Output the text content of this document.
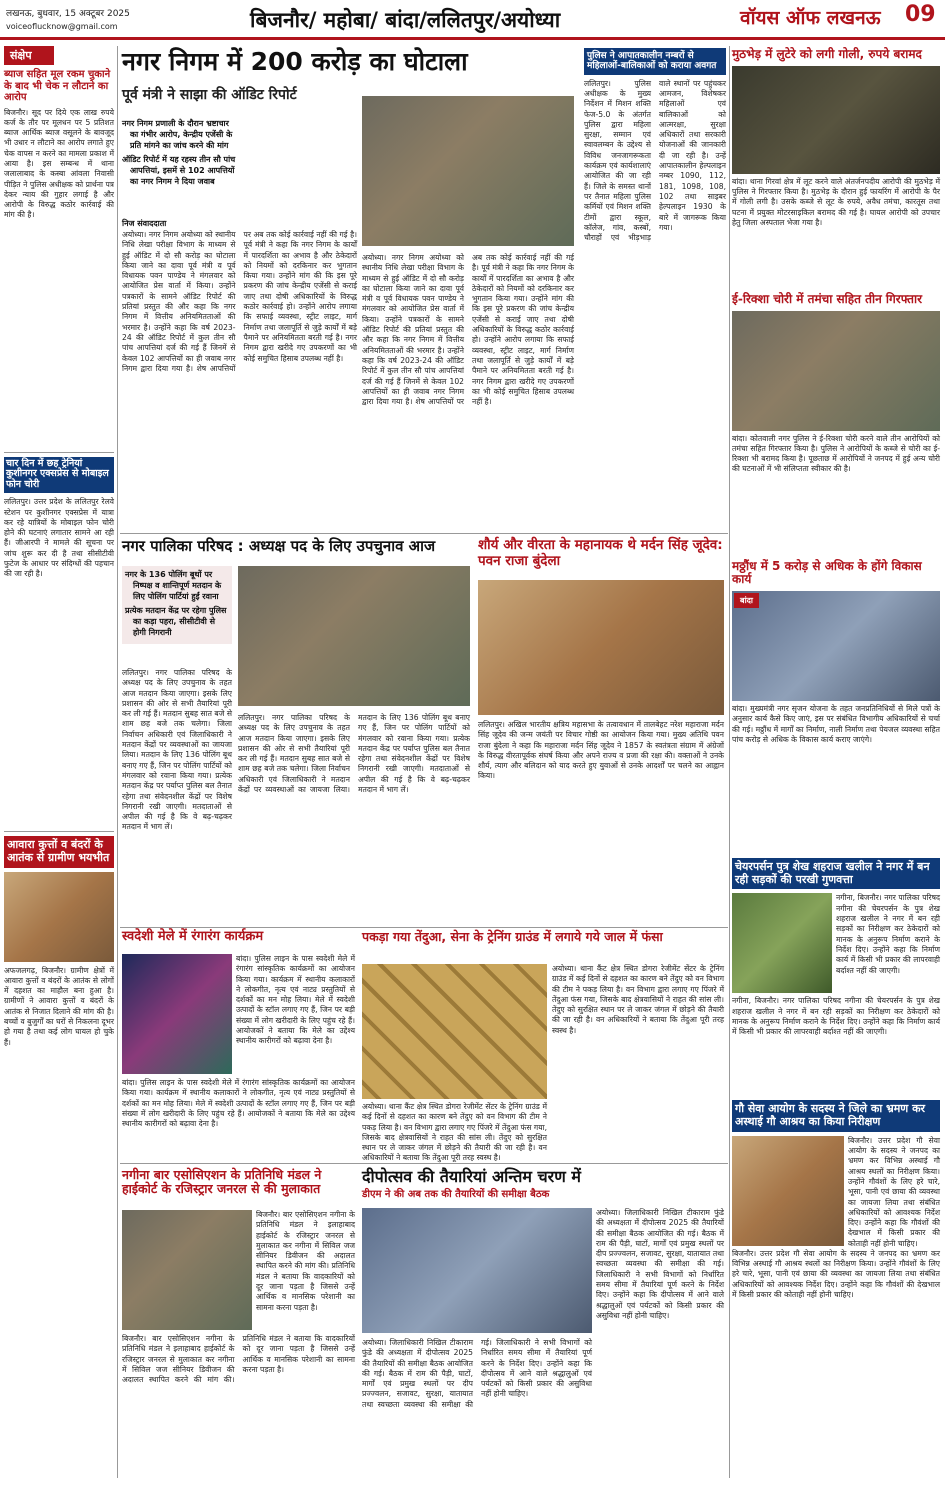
लखनऊ, बुधवार, 15 अक्टूबर 2025
voiceoflucknow@gmail.com	बिजनौर/ महोबा/ बांदा/ललितपुर/अयोध्या	वॉयस ऑफ लखनऊ 09
संक्षेप
ब्याज सहित मूल रकम चुकाने के बाद भी चेक न लौटाने का आरोप
बिजनौर। सूद पर दिये एक लाख रुपये कर्ज के तौर पर मूलधन पर 5 प्रतिशत ब्याज आर्थिक ब्याज वसूलने के बावजूद भी उधार न लौटाने का आरोप लगाते हुए चेक वापस न करने का मामला प्रकाश में आया है। इस सम्बन्ध में थाना जलालाबाद के कस्बा आंवला निवासी पीड़ित ने पुलिस अधीक्षक को प्रार्थना पत्र देकर न्याय की गुहार लगाई है और आरोपी के विरुद्ध कठोर कार्रवाई की मांग की है।
चार दिन में छह ट्रेनियां कुशीनगर एक्सप्रेस से मोबाइल फोन चोरी
ललितपुर। उत्तर प्रदेश के ललितपुर रेलवे स्टेशन पर कुशीनगर एक्सप्रेस में यात्रा कर रहे यात्रियों के मोबाइल फोन चोरी होने की घटनाएं लगातार सामने आ रही हैं। जीआरपी ने मामले की सूचना पर जांच शुरू कर दी है तथा सीसीटीवी फुटेज के आधार पर संदिग्धों की पहचान की जा रही है।
आवारा कुत्तों व बंदरों के आतंक से ग्रामीण भयभीत
अफजलगढ़, बिजनौर। ग्रामीण क्षेत्रों में आवारा कुत्तों व बंदरों के आतंक से लोगों में दहशत का माहौल बना हुआ है। ग्रामीणों ने आवारा कुत्तों व बंदरों के आतंक से निजात दिलाने की मांग की है। बच्चों व बुजुर्गों का घरों से निकलना दूभर हो गया है तथा कई लोग घायल हो चुके हैं।
नगर निगम में 200 करोड़ का घोटाला
पूर्व मंत्री ने साझा की ऑडिट रिपोर्ट
नगर निगम प्रणाली के दौरान भ्रष्टाचार का गंभीर आरोप, केन्द्रीय एजेंसी के प्रति मांगने का जांच करने की मांग
ऑडिट रिपोर्ट में यह रहस्य तीन सौ पांच आपत्तियां, इसमें से 102 आपत्तियों का नगर निगम ने दिया जवाब
निज संवाददाता
अयोध्या। नगर निगम अयोध्या को स्थानीय निधि लेखा परीक्षा विभाग के माध्यम से हुई ऑडिट में दो सौ करोड़ का घोटाला किया जाने का दावा पूर्व मंत्री व पूर्व विधायक पवन पाण्डेय ने मंगलवार को आयोजित प्रेस वार्ता में किया। उन्होंने पत्रकारों के सामने ऑडिट रिपोर्ट की प्रतियां प्रस्तुत की और कहा कि नगर निगम में वित्तीय अनियमितताओं की भरमार है। उन्होंने कहा कि वर्ष 2023-24 की ऑडिट रिपोर्ट में कुल तीन सौ पांच आपत्तियां दर्ज की गई हैं जिनमें से केवल 102 आपत्तियों का ही जवाब नगर निगम द्वारा दिया गया है। शेष आपत्तियों पर अब तक कोई कार्रवाई नहीं की गई है। पूर्व मंत्री ने कहा कि नगर निगम के कार्यों में पारदर्शिता का अभाव है और ठेकेदारों को नियमों को दरकिनार कर भुगतान किया गया। उन्होंने मांग की कि इस पूरे प्रकरण की जांच केन्द्रीय एजेंसी से कराई जाए तथा दोषी अधिकारियों के विरुद्ध कठोर कार्रवाई हो। उन्होंने आरोप लगाया कि सफाई व्यवस्था, स्ट्रीट लाइट, मार्ग निर्माण तथा जलापूर्ति से जुड़े कार्यों में बड़े पैमाने पर अनियमितता बरती गई है। नगर निगम द्वारा खरीदे गए उपकरणों का भी कोई समुचित हिसाब उपलब्ध नहीं है।
अयोध्या। नगर निगम अयोध्या को स्थानीय निधि लेखा परीक्षा विभाग के माध्यम से हुई ऑडिट में दो सौ करोड़ का घोटाला किया जाने का दावा पूर्व मंत्री व पूर्व विधायक पवन पाण्डेय ने मंगलवार को आयोजित प्रेस वार्ता में किया। उन्होंने पत्रकारों के सामने ऑडिट रिपोर्ट की प्रतियां प्रस्तुत की और कहा कि नगर निगम में वित्तीय अनियमितताओं की भरमार है। उन्होंने कहा कि वर्ष 2023-24 की ऑडिट रिपोर्ट में कुल तीन सौ पांच आपत्तियां दर्ज की गई हैं जिनमें से केवल 102 आपत्तियों का ही जवाब नगर निगम द्वारा दिया गया है। शेष आपत्तियों पर अब तक कोई कार्रवाई नहीं की गई है। पूर्व मंत्री ने कहा कि नगर निगम के कार्यों में पारदर्शिता का अभाव है और ठेकेदारों को नियमों को दरकिनार कर भुगतान किया गया। उन्होंने मांग की कि इस पूरे प्रकरण की जांच केन्द्रीय एजेंसी से कराई जाए तथा दोषी अधिकारियों के विरुद्ध कठोर कार्रवाई हो। उन्होंने आरोप लगाया कि सफाई व्यवस्था, स्ट्रीट लाइट, मार्ग निर्माण तथा जलापूर्ति से जुड़े कार्यों में बड़े पैमाने पर अनियमितता बरती गई है। नगर निगम द्वारा खरीदे गए उपकरणों का भी कोई समुचित हिसाब उपलब्ध नहीं है।
पुलिस ने आपातकालीन नम्बरों से महिलाओं-बालिकाओं को कराया अवगत
ललितपुर। पुलिस अधीक्षक के मुख्य निर्देशन में मिशन शक्ति फेज-5.0 के अंतर्गत पुलिस द्वारा महिला सुरक्षा, सम्मान एवं स्वावलम्बन के उद्देश्य से विविध जनजागरूकता कार्यक्रम एवं कार्यशालाएं आयोजित की जा रही हैं। जिले के समस्त थानों पर तैनात महिला पुलिस कर्मियों एवं मिशन शक्ति टीमों द्वारा स्कूल, कॉलेज, गांव, कस्बों, चौराहों एवं भीड़भाड़ वाले स्थानों पर पहुंचकर आमजन, विशेषकर महिलाओं एवं बालिकाओं को आत्मरक्षा, सुरक्षा अधिकारों तथा सरकारी योजनाओं की जानकारी दी जा रही है। उन्हें आपातकालीन हेल्पलाइन नम्बर 1090, 112, 181, 1098, 108, 102 तथा साइबर हेल्पलाइन 1930 के बारे में जागरूक किया गया।
मुठभेड़ में लुटेरे को लगी गोली, रुपये बरामद
बांदा। थाना गिरवां क्षेत्र में लूट करने वाले अंतर्जनपदीय आरोपी की मुठभेड़ में पुलिस ने गिरफ्तार किया है। मुठभेड़ के दौरान हुई फायरिंग में आरोपी के पैर में गोली लगी है। उसके कब्जे से लूट के रुपये, अवैध तमंचा, कारतूस तथा घटना में प्रयुक्त मोटरसाइकिल बरामद की गई है। घायल आरोपी को उपचार हेतु जिला अस्पताल भेजा गया है।
ई-रिक्शा चोरी में तमंचा सहित तीन गिरफ्तार
बांदा। कोतवाली नगर पुलिस ने ई-रिक्शा चोरी करने वाले तीन आरोपियों को तमंचा सहित गिरफ्तार किया है। पुलिस ने आरोपियों के कब्जे से चोरी का ई-रिक्शा भी बरामद किया है। पूछताछ में आरोपियों ने जनपद में हुई अन्य चोरी की घटनाओं में भी संलिप्तता स्वीकार की है।
मठ्ठौंध में 5 करोड़ से अधिक के होंगे विकास कार्य
बांदा
बांदा। मुख्यमंत्री नगर सृजन योजना के तहत जनप्रतिनिधियों से मिले पत्रों के अनुसार कार्य कैसे किए जाएं, इस पर संबंधित विभागीय अधिकारियों से चर्चा की गई। मठ्ठौंध में मार्गों का निर्माण, नाली निर्माण तथा पेयजल व्यवस्था सहित पांच करोड़ से अधिक के विकास कार्य कराए जाएंगे।
चेयरपर्सन पुत्र शेख शहराज खलील ने नगर में बन रही सड़कों की परखी गुणवत्ता
नगीना, बिजनौर। नगर पालिका परिषद नगीना की चेयरपर्सन के पुत्र शेख शहराज खलील ने नगर में बन रही सड़कों का निरीक्षण कर ठेकेदारों को मानक के अनुरूप निर्माण कराने के निर्देश दिए। उन्होंने कहा कि निर्माण कार्य में किसी भी प्रकार की लापरवाही बर्दाश्त नहीं की जाएगी।
नगीना, बिजनौर। नगर पालिका परिषद नगीना की चेयरपर्सन के पुत्र शेख शहराज खलील ने नगर में बन रही सड़कों का निरीक्षण कर ठेकेदारों को मानक के अनुरूप निर्माण कराने के निर्देश दिए। उन्होंने कहा कि निर्माण कार्य में किसी भी प्रकार की लापरवाही बर्दाश्त नहीं की जाएगी।
गौ सेवा आयोग के सदस्य ने जिले का भ्रमण कर अस्थाई गौ आश्रय का किया निरीक्षण
बिजनौर। उत्तर प्रदेश गौ सेवा आयोग के सदस्य ने जनपद का भ्रमण कर विभिन्न अस्थाई गौ आश्रय स्थलों का निरीक्षण किया। उन्होंने गौवंशों के लिए हरे चारे, भूसा, पानी एवं छाया की व्यवस्था का जायजा लिया तथा संबंधित अधिकारियों को आवश्यक निर्देश दिए। उन्होंने कहा कि गौवंशों की देखभाल में किसी प्रकार की कोताही नहीं होनी चाहिए।
बिजनौर। उत्तर प्रदेश गौ सेवा आयोग के सदस्य ने जनपद का भ्रमण कर विभिन्न अस्थाई गौ आश्रय स्थलों का निरीक्षण किया। उन्होंने गौवंशों के लिए हरे चारे, भूसा, पानी एवं छाया की व्यवस्था का जायजा लिया तथा संबंधित अधिकारियों को आवश्यक निर्देश दिए। उन्होंने कहा कि गौवंशों की देखभाल में किसी प्रकार की कोताही नहीं होनी चाहिए।
नगर पालिका परिषद : अध्यक्ष पद के लिए उपचुनाव आज
नगर के 136 पोलिंग बूथों पर निष्पक्ष व शान्तिपूर्ण मतदान के लिए पोलिंग पार्टियां हुईं रवाना
प्रत्येक मतदान केंद्र पर रहेगा पुलिस का कड़ा पहरा, सीसीटीवी से होगी निगरानी
ललितपुर। नगर पालिका परिषद के अध्यक्ष पद के लिए उपचुनाव के तहत आज मतदान किया जाएगा। इसके लिए प्रशासन की ओर से सभी तैयारियां पूरी कर ली गई हैं। मतदान सुबह सात बजे से शाम छह बजे तक चलेगा। जिला निर्वाचन अधिकारी एवं जिलाधिकारी ने मतदान केंद्रों पर व्यवस्थाओं का जायजा लिया। मतदान के लिए 136 पोलिंग बूथ बनाए गए हैं, जिन पर पोलिंग पार्टियों को मंगलवार को रवाना किया गया। प्रत्येक मतदान केंद्र पर पर्याप्त पुलिस बल तैनात रहेगा तथा संवेदनशील केंद्रों पर विशेष निगरानी रखी जाएगी। मतदाताओं से अपील की गई है कि वे बढ़-चढ़कर मतदान में भाग लें।
ललितपुर। नगर पालिका परिषद के अध्यक्ष पद के लिए उपचुनाव के तहत आज मतदान किया जाएगा। इसके लिए प्रशासन की ओर से सभी तैयारियां पूरी कर ली गई हैं। मतदान सुबह सात बजे से शाम छह बजे तक चलेगा। जिला निर्वाचन अधिकारी एवं जिलाधिकारी ने मतदान केंद्रों पर व्यवस्थाओं का जायजा लिया। मतदान के लिए 136 पोलिंग बूथ बनाए गए हैं, जिन पर पोलिंग पार्टियों को मंगलवार को रवाना किया गया। प्रत्येक मतदान केंद्र पर पर्याप्त पुलिस बल तैनात रहेगा तथा संवेदनशील केंद्रों पर विशेष निगरानी रखी जाएगी। मतदाताओं से अपील की गई है कि वे बढ़-चढ़कर मतदान में भाग लें।
शौर्य और वीरता के महानायक थे मर्दन सिंह जूदेव: पवन राजा बुंदेला
ललितपुर। अखिल भारतीय क्षत्रिय महासभा के तत्वावधान में तालबेहट नरेश महाराजा मर्दन सिंह जूदेव की जन्म जयंती पर विचार गोष्ठी का आयोजन किया गया। मुख्य अतिथि पवन राजा बुंदेला ने कहा कि महाराजा मर्दन सिंह जूदेव ने 1857 के स्वतंत्रता संग्राम में अंग्रेजों के विरुद्ध वीरतापूर्वक संघर्ष किया और अपने राज्य व प्रजा की रक्षा की। वक्ताओं ने उनके शौर्य, त्याग और बलिदान को याद करते हुए युवाओं से उनके आदर्शों पर चलने का आह्वान किया।
स्वदेशी मेले में रंगारंग कार्यक्रम
बांदा। पुलिस लाइन के पास स्वदेशी मेले में रंगारंग सांस्कृतिक कार्यक्रमों का आयोजन किया गया। कार्यक्रम में स्थानीय कलाकारों ने लोकगीत, नृत्य एवं नाट्य प्रस्तुतियों से दर्शकों का मन मोह लिया। मेले में स्वदेशी उत्पादों के स्टॉल लगाए गए हैं, जिन पर बड़ी संख्या में लोग खरीदारी के लिए पहुंच रहे हैं। आयोजकों ने बताया कि मेले का उद्देश्य स्थानीय कारीगरों को बढ़ावा देना है।
बांदा। पुलिस लाइन के पास स्वदेशी मेले में रंगारंग सांस्कृतिक कार्यक्रमों का आयोजन किया गया। कार्यक्रम में स्थानीय कलाकारों ने लोकगीत, नृत्य एवं नाट्य प्रस्तुतियों से दर्शकों का मन मोह लिया। मेले में स्वदेशी उत्पादों के स्टॉल लगाए गए हैं, जिन पर बड़ी संख्या में लोग खरीदारी के लिए पहुंच रहे हैं। आयोजकों ने बताया कि मेले का उद्देश्य स्थानीय कारीगरों को बढ़ावा देना है।
पकड़ा गया तेंदुआ, सेना के ट्रेनिंग ग्राउंड में लगाये गये जाल में फंसा
अयोध्या। थाना कैंट क्षेत्र स्थित डोगरा रेजीमेंट सेंटर के ट्रेनिंग ग्राउंड में कई दिनों से दहशत का कारण बने तेंदुए को वन विभाग की टीम ने पकड़ लिया है। वन विभाग द्वारा लगाए गए पिंजरे में तेंदुआ फंस गया, जिसके बाद क्षेत्रवासियों ने राहत की सांस ली। तेंदुए को सुरक्षित स्थान पर ले जाकर जंगल में छोड़ने की तैयारी की जा रही है। वन अधिकारियों ने बताया कि तेंदुआ पूरी तरह स्वस्थ है।
अयोध्या। थाना कैंट क्षेत्र स्थित डोगरा रेजीमेंट सेंटर के ट्रेनिंग ग्राउंड में कई दिनों से दहशत का कारण बने तेंदुए को वन विभाग की टीम ने पकड़ लिया है। वन विभाग द्वारा लगाए गए पिंजरे में तेंदुआ फंस गया, जिसके बाद क्षेत्रवासियों ने राहत की सांस ली। तेंदुए को सुरक्षित स्थान पर ले जाकर जंगल में छोड़ने की तैयारी की जा रही है। वन अधिकारियों ने बताया कि तेंदुआ पूरी तरह स्वस्थ है।
नगीना बार एसोसिएशन के प्रतिनिधि मंडल ने हाईकोर्ट के रजिस्ट्रार जनरल से की मुलाकात
बिजनौर। बार एसोसिएशन नगीना के प्रतिनिधि मंडल ने इलाहाबाद हाईकोर्ट के रजिस्ट्रार जनरल से मुलाकात कर नगीना में सिविल जज सीनियर डिवीजन की अदालत स्थापित करने की मांग की। प्रतिनिधि मंडल ने बताया कि वादकारियों को दूर जाना पड़ता है जिससे उन्हें आर्थिक व मानसिक परेशानी का सामना करना पड़ता है।
बिजनौर। बार एसोसिएशन नगीना के प्रतिनिधि मंडल ने इलाहाबाद हाईकोर्ट के रजिस्ट्रार जनरल से मुलाकात कर नगीना में सिविल जज सीनियर डिवीजन की अदालत स्थापित करने की मांग की। प्रतिनिधि मंडल ने बताया कि वादकारियों को दूर जाना पड़ता है जिससे उन्हें आर्थिक व मानसिक परेशानी का सामना करना पड़ता है।
दीपोत्सव की तैयारियां अन्तिम चरण में
डीएम ने की अब तक की तैयारियों की समीक्षा बैठक
अयोध्या। जिलाधिकारी निखिल टीकाराम फुंडे की अध्यक्षता में दीपोत्सव 2025 की तैयारियों की समीक्षा बैठक आयोजित की गई। बैठक में राम की पैड़ी, घाटों, मार्गों एवं प्रमुख स्थलों पर दीप प्रज्ज्वलन, सजावट, सुरक्षा, यातायात तथा स्वच्छता व्यवस्था की समीक्षा की गई। जिलाधिकारी ने सभी विभागों को निर्धारित समय सीमा में तैयारियां पूर्ण करने के निर्देश दिए। उन्होंने कहा कि दीपोत्सव में आने वाले श्रद्धालुओं एवं पर्यटकों को किसी प्रकार की असुविधा नहीं होनी चाहिए।
अयोध्या। जिलाधिकारी निखिल टीकाराम फुंडे की अध्यक्षता में दीपोत्सव 2025 की तैयारियों की समीक्षा बैठक आयोजित की गई। बैठक में राम की पैड़ी, घाटों, मार्गों एवं प्रमुख स्थलों पर दीप प्रज्ज्वलन, सजावट, सुरक्षा, यातायात तथा स्वच्छता व्यवस्था की समीक्षा की गई। जिलाधिकारी ने सभी विभागों को निर्धारित समय सीमा में तैयारियां पूर्ण करने के निर्देश दिए। उन्होंने कहा कि दीपोत्सव में आने वाले श्रद्धालुओं एवं पर्यटकों को किसी प्रकार की असुविधा नहीं होनी चाहिए।
